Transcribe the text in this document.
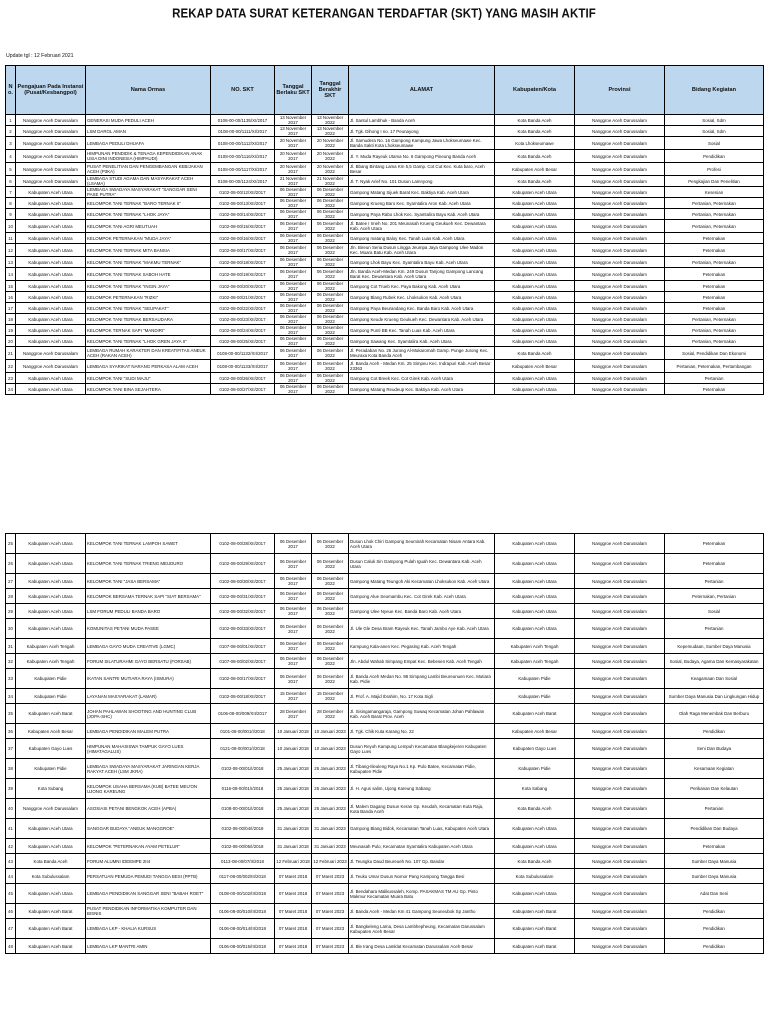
REKAP DATA SURAT KETERANGAN TERDAFTAR (SKT) YANG MASIH AKTIF
Update tgl : 12 Februari 2021
No.	Pengajuan Pada Instansi (Pusat/Kesbangpol)	Nama Ormas	NO. SKT	Tanggal Berlaku SKT	Tanggal Berakhir SKT	ALAMAT	Kabupaten/Kota	Provinsi	Bidang Kegiatan
1	Nanggroe Aceh Darussalam	GENERASI MUDA PEDULI ACEH	0108-00-00/1135/XI/2017	13 November 2017	13 November 2022	Jl. Santul Lambhuk - Banda Aceh	Kota Banda Aceh	Nanggroe Aceh Darussalam	Sosial, Sdm
2	Nanggroe Aceh Darussalam	LSM DAROL AMAN	0108-00-00/1111/XI/2017	13 November 2017	13 November 2022	Jl. Tgk. Dihong I no. 17 Peunayong	Kota Banda Aceh	Nanggroe Aceh Darussalam	Sosial, Sdm
3	Nanggroe Aceh Darussalam	LEMBAGA PEDULI DHUAFA	0108-00-00/1112/XI/2017	20 November 2017	20 November 2022	Jl. Samudera No. 16 Gampong Kampung Jawa Lhokseumawe Kec. Banda Sakti Kota Lhokseumawe	Kota Lhokseumawe	Nanggroe Aceh Darussalam	Sosial
4	Nanggroe Aceh Darussalam	HIMPUNAN PENDIDIK & TENAGA KEPENDIDIKAN ANAK USIA DINI INDONESIA (HIMPAUDI)	0108-00-00/1116/XI/2017	20 November 2017	20 November 2022	Jl. Y. Muda Rayeuk Utama No. 6 Gampong Pineung Banda Aceh	Kota Banda Aceh	Nanggroe Aceh Darussalam	Pendidikan
5	Nanggroe Aceh Darussalam	PUSAT PENELITIAN DAN PENGEMBANGAN KEBIJAKAN ACEH (P3KA)	0108-00-00/1117/XI/2017	20 November 2017	20 November 2022	Jl. Bbang Bintang Lama Km 5,5 Gamp. Cot Cut Kec. Kuta baro, Aceh Besar	Kabupaten Aceh Besar	Nanggroe Aceh Darussalam	Profesi
6	Nanggroe Aceh Darussalam	LEMBAGA STUDI AGAMA DAN MASYARAKAT ACEH (LSAMA)	0108-00-00/1124/XI/2017	21 November 2017	21 November 2022	Jl. T. Nyak Arief No. 101 Dusun Lamnyong	Kota Banda Aceh	Nanggroe Aceh Darussalam	Pengkajian Dan Penelitian
7	Kabupaten Aceh Utara	LEMBAGA SWADAYA MASYARAKAT "SANGGAR SENI PASE PUTRA"	0102-08-00/12/XII/2017	06 Desember 2017	06 Desember 2022	Gampong Matang Sijuek Barat Kec. Baktiya Kab. Aceh Utara	Kabupaten Aceh Utara	Nanggroe Aceh Darussalam	Kesenian
8	Kabupaten Aceh Utara	KELOMPOK TANI TERNAK "BARO TERNAK II"	0102-08-00/13/XII/2017	06 Desember 2017	06 Desember 2022	Gampong Krueng Baro Kec. Syamtalira Aron Kab. Aceh Utara	Kabupaten Aceh Utara	Nanggroe Aceh Darussalam	Pertanian, Peternakan
9	Kabupaten Aceh Utara	KELOMPOK TANI TERNAK "LHOK JAYA"	0102-08-00/14/XII/2017	06 Desember 2017	06 Desember 2022	Gampong Paya Rabo Lhok Kec. Syamtalira Bayu Kab. Aceh Utara	Kabupaten Aceh Utara	Nanggroe Aceh Darussalam	Pertanian, Peternakan
10	Kabupaten Aceh Utara	KELOMPOK TANI AGRI MEUTUAH	0102-08-00/15/XII/2017	06 Desember 2017	06 Desember 2022	Jl. Batee I Imeh No. 201 Meunasah Krueng Geukueh Kec. Dewantara Kab. Aceh Utara	Kabupaten Aceh Utara	Nanggroe Aceh Darussalam	Pertanian, Peternakan
11	Kabupaten Aceh Utara	KELOMPOK PETERNAKAN "MUDA JAYA"	0102-08-00/16/XII/2017	06 Desember 2017	06 Desember 2022	Gampong matang Baloy Kec. Tanah Luas Kab. Aceh Utara	Kabupaten Aceh Utara	Nanggroe Aceh Darussalam	Peternakan
12	Kabupaten Aceh Utara	KELOMPOK TANI TERNAK MITA BANSIA	0102-08-00/17/XII/2017	06 Desember 2017	06 Desember 2022	Jln. Bireun Seria Dusun Lingga Jeumpa Jaya Gampong Ulee Madon Kec. Muara Batu Kab. Aceh Utara	Kabupaten Aceh Utara	Nanggroe Aceh Darussalam	Peternakan
13	Kabupaten Aceh Utara	KELOMPOK TANI TERNAK "MAKMU TERNAK"	0102-08-00/18/XII/2017	06 Desember 2017	06 Desember 2022	Gampong Lhok Bayu Kec. Syamtalira Bayu Kab. Aceh Utara	Kabupaten Aceh Utara	Nanggroe Aceh Darussalam	Pertanian, Peternakan
14	Kabupaten Aceh Utara	KELOMPOK TANI TERNAK SABOH HATE	0102-08-00/19/XII/2017	06 Desember 2017	06 Desember 2022	Jln. Banda Aceh-Medan Km. 249 Dusun Tanjong Gampong Lancang Barat Kec. Dewantara Kab. Aceh Utara	Kabupaten Aceh Utara	Nanggroe Aceh Darussalam	Peternakan
15	Kabupaten Aceh Utara	KELOMPOK TANI TERNAK "INGIN JAYA"	0102-08-00/20/XII/2017	06 Desember 2017	06 Desember 2022	Gampong Cot Trueb Kec. Paya Bakong Kab. Aceh Utara	Kabupaten Aceh Utara	Nanggroe Aceh Darussalam	Peternakan
16	Kabupaten Aceh Utara	KELOMPOK PETERNAKAN "RIZKI"	0102-08-00/21/XII/2017	06 Desember 2017	06 Desember 2022	Gampong Blang Rubek Kec. Lhoksukon Kab. Aceh Utara	Kabupaten Aceh Utara	Nanggroe Aceh Darussalam	Peternakan
17	Kabupaten Aceh Utara	KELOMPOK TANI TERNAK "SEUPAKAT"	0102-08-00/22/XII/2017	06 Desember 2017	06 Desember 2022	Gampong Paya Beurandang Kec. Banda Baro Kab. Aceh Utara	Kabupaten Aceh Utara	Nanggroe Aceh Darussalam	Peternakan
18	Kabupaten Aceh Utara	KELOMPOK TANI TERNAK BERSAUDARA	0102-08-00/23/XII/2017	06 Desember 2017	06 Desember 2022	Gampong Keude Krueng Geukueh Kec. Dewantara Kab. Aceh Utara	Kabupaten Aceh Utara	Nanggroe Aceh Darussalam	Pertanian, Peternakan
19	Kabupaten Aceh Utara	KELOMPOK TERNAK SAPI "MANDIRI"	0102-08-00/24/XII/2017	06 Desember 2017	06 Desember 2022	Gampong Punti BB Kec. Tanah Luas Kab. Aceh Utara	Kabupaten Aceh Utara	Nanggroe Aceh Darussalam	Pertanian, Peternakan
20	Kabupaten Aceh Utara	KELOMPOK TANI TERNAK "LHOK GREN JAYA II"	0102-08-00/25/XII/2017	06 Desember 2017	06 Desember 2022	Gampong Sawang Kec. Syamtalira Kab. Aceh Utara	Kabupaten Aceh Utara	Nanggroe Aceh Darussalam	Pertanian, Peternakan
21	Nanggroe Aceh Darussalam	LEMBAGA RUMAH KARAKTER DAN KREATIFITAS ANEUK ACEH (RAKAN ACEH)	0108-00-00/1132/XII/2017	06 Desember 2017	06 Desember 2022	Jl. Peradaban No. 26 Jurong Al-Mukaromah Gamp. Punge Jurong Kec. Meuraxa Kota Banda Aceh	Kota Banda Aceh	Nanggroe Aceh Darussalam	Sosial, Pendidikan Dan Ekonomi
22	Nanggroe Aceh Darussalam	LEMBAGA SYARIKAT NARANG PERKASA ALAM ACEH	0108-00-00/1133/XII/2017	06 Desember 2017	06 Desember 2022	Jl. Banda Aceh - Medan Km. 25 Simpeu Kec. Indrapuri Kab. Aceh Besar 23363	Kabupaten Aceh Besar	Nanggroe Aceh Darussalam	Pertanian, Peternakan, Pertambangan
23	Kabupaten Aceh Utara	KELOMPOK TANI "SUDI MAJU"	0102-08-00/26/XII/2017	06 Desember 2017	06 Desember 2022	Gampong Cot Breek Kec. Cot Girek Kab. Aceh Utara	Kabupaten Aceh Utara	Nanggroe Aceh Darussalam	Pertanian
24	Kabupaten Aceh Utara	KELOMPOK TANI BINA SEJAHTERA	0102-08-00/27/XII/2017	06 Desember 2017	06 Desember 2022	Gampong Matang Reudeup Kec. Baktiya Kab. Aceh Utara	Kabupaten Aceh Utara	Nanggroe Aceh Darussalam	Peternakan
25	Kabupaten Aceh Utara	KELOMPOK TANI TERNAK LAMPOH SAWET	0102-08-00/28/XII/2017	06 Desember 2017	06 Desember 2022	Dusun Lhok Chiri Gampong Seumirah Kecamatan Nisam Antara Kab. Aceh Utara	Kabupaten Aceh Utara	Nanggroe Aceh Darussalam	Peternakan
26	Kabupaten Aceh Utara	KELOMPOK TANI TERNAK TRIENG MEUDURO	0102-08-00/29/XII/2017	06 Desember 2017	06 Desember 2022	Dusun Caluk Sin Gampong Pulah Iguah Kec. Dewantara Kab. Aceh Utara	Kabupaten Aceh Utara	Nanggroe Aceh Darussalam	Peternakan
27	Kabupaten Aceh Utara	KELOMPOK TANI "JASA BERSAMA"	0102-08-00/30/XII/2017	06 Desember 2017	06 Desember 2022	Gampong Matang Teungoh Aki Kecamatan Lhoksukon Kab. Aceh Utara	Kabupaten Aceh Utara	Nanggroe Aceh Darussalam	Pertanian
28	Kabupaten Aceh Utara	KELOMPOK BERSAMA TERNAK SAPI "SIAT BERSAMA"	0102-08-00/31/XII/2017	06 Desember 2017	06 Desember 2022	Gampong Alue Seumambu Kec. Cot Girek Kab. Aceh Utara	Kabupaten Aceh Utara	Nanggroe Aceh Darussalam	Peternakan, Pertanian
29	Kabupaten Aceh Utara	LSM FORUM PEDULI BANDA BARO	0102-08-00/32/XII/2017	06 Desember 2017	06 Desember 2022	Gampong Ulee Nyeue Kec. Banda Baro Kab. Aceh Utara	Kabupaten Aceh Utara	Nanggroe Aceh Darussalam	Sosial
30	Kabupaten Aceh Utara	KOMUNITAS PETANI MUDA PASEE	0102-08-00/33/XII/2017	06 Desember 2017	06 Desember 2022	Jl. Ule Gle Desa Bram Rayeuk Kec. Tanah Jambo Aye Kab. Aceh Utara	Kabupaten Aceh Utara	Nanggroe Aceh Darussalam	Pertanian
31	Kabupaten Aceh Tengah	LEMBAGA GAYO MUDA CREATIVE (LGMC)	0107-08-00/01/XII/2017	06 Desember 2017	06 Desember 2022	Kampung Kala-anen Kec. Pegasing Kab. Aceh Tengah	Kabupaten Aceh Tengah	Nanggroe Aceh Darussalam	Kepemudaan, Sumber Daya Manusia
32	Kabupaten Aceh Tengah	FORUM SILATURAHMI GAYO BERSATU (FORSAB)	0107-08-00/02/XII/2017	06 Desember 2017	06 Desember 2022	Jln. Abdul Wahab Simpang Empat Kec. Bebesen Kab. Aceh Tengah	Kabupaten Aceh Tengah	Nanggroe Aceh Darussalam	Sosial, Budaya, Agama Dan Kemasyarakatan
33	Kabupaten Pidie	IKATAN SANTRI MUTIARA RAYA (ISMURA)	0102-08-00/17/XII/2017	06 Desember 2017	06 Desember 2022	Jl. Banda Aceh Medan No. 98 Simpang Lambi Beureunuen Kec. Mutiara Kab. Pidie	Kabupaten Pidie	Nanggroe Aceh Darussalam	Keagamaan Dan Sosial
34	Kabupaten Pidie	LAYANAN MASYARAKAT (LAMAR)	0102-08-00/18/XII/2017	15 Desember 2017	15 Desember 2022	Jl. Prof. A. Majid Ibrahim, No. 17 Kota Sigli	Kabupaten Pidie	Nanggroe Aceh Darussalam	Sumber Daya Manusia Dan Lingkungan Hidup
35	Kabupaten Aceh Barat	JOHAN PAHLAWAN SHOOTING AND HUNTING CLUB (JOPA-SHC)	0106-08-00/009/XII/2017	28 Desember 2017	28 Desember 2022	Jl. Sisingamangaraja, Gampong Suwaq Kecamatan Johan Pahlawan Kab. Aceh Barat Prov. Aceh	Kabupaten Aceh Barat	Nanggroe Aceh Darussalam	Olah Raga Menembak Dan Berburu
36	Kabupaten Aceh Besar	LEMBAGA PENDIDIKAN MALEM PUTRA	0101-08-00/001/I/2018	10 Januari 2018	10 Januari 2023	Jl. Tgk. Chik Kuta Karang No. 22	Kabupaten Aceh Besar	Nanggroe Aceh Darussalam	Pendidikan
37	Kabupaten Gayo Lues	HIMPUNAN MAHASISWA TAMPUK GAYO LUES (HIMATAGALUS)	0121-08-00/001/I/2018	10 Januari 2018	10 Januari 2023	Dusun Reyoh Kampung Lempuh Kecamatan Blangkejeren Kabupaten Gayo Lues	Kabupaten Gayo Lues	Nanggroe Aceh Darussalam	Seni Dan Budaya
38	Kabupaten Pidie	LEMBAGA SWADAYA MASYARAKAT JARINGAN KERJA RAKYAT ACEH (LSM JKRA)	0102-08-00/01/I/2018	25 Januari 2018	25 Januari 2023	Jl. Tibang-Ilieuleng Raya No.1 Kp. Pulo Batee, Kecamatan Pidie, Kabupaten Pidie	Kabupaten Pidie	Nanggroe Aceh Darussalam	Kesamaan Kegiatan
39	Kota Subang	KELOMPOK USAHA BERSAMA (KUB) BATEE MEU'ON UJONG KAREUNG	0116-08-00/01/I/2018	25 Januari 2018	25 Januari 2023	Jl. H. Agus salim, Ujong Kareung Sabang	Kota Sabang	Nanggroe Aceh Darussalam	Perikanan Dan Kelautan
40	Nanggroe Aceh Darussalam	ASOSIASI PETANI BENGKOK ACEH (APBA)	0108-00-00/01/I/2018	25 Januari 2018	25 Januari 2023	Jl. Malem Dagang Dusun Keran Gp. Keudah, Kecamatan Kuta Raja, Kota Banda Aceh	Kota Banda Aceh	Nanggroe Aceh Darussalam	Pertanian
41	Kabupaten Aceh Utara	SANGGAR BUDAYA "ANEUK MANGGROE"	0102-08-00/04/I/2018	31 Januari 2018	31 Januari 2023	Gampong Blang Bidok, Kecamatan Tanah Luas, Kabupaten Aceh Utara	Kabupaten Aceh Utara	Nanggroe Aceh Darussalam	Pendidikan Dan Budaya
42	Kabupaten Aceh Utara	KELOMPOK "PETERNAKAN AYAM PETELUR"	0102-08-00/05/I/2018	31 Januari 2018	31 Januari 2023	Meunasah Pulo, Kecamatan Syamtalira Kabupaten Aceh Utara	Kabupaten Aceh Utara	Nanggroe Aceh Darussalam	Peternakan
43	Kota Banda Aceh	FORUM ALUMNI IDEEMPE 2II4	0113-08-00/07/II/2018	12 Februari 2018	12 Februari 2023	Jl. Teungku Daud Beureueh No. 107 Gp. Bandar	Kota Banda Aceh	Nanggroe Aceh Darussalam	Sumber Daya Manusia
44	Kota Subulussalam	PERSATUAN PEMUDA PEMUDI TANGGA BESI (PPTB)	0117-08-00/002/III/2018	07 Maret 2018	07 Maret 2023	Jl. Teuku Umar Dusun Nomor Pang Kampong Tangga Besi	Kota Subulussalam	Nanggroe Aceh Darussalam	Sumber Daya Manusia
45	Kabupaten Aceh Utara	LEMBAGA PENDIDIKAN SANGGAR SENI "BABAH ROET"	0108-00-00/102/III/2018	07 Maret 2018	07 Maret 2023	Jl. Bendahara Malikussaleh, Komp. PASAKMAS TM AU Gp. Pinto Makmur Kecamatan Muara Batu	Kabupaten Aceh Utara	Nanggroe Aceh Darussalam	Adat Dan Seni
46	Kabupaten Aceh Barat	PUSAT PENDIDIKAN INFORMATIKA KOMPUTER DAN BISNIS	0106-08-00/010/III/2018	07 Maret 2018	07 Maret 2023	Jl. Banda Aceh - Medan Km 41 Gampong Seuneubok Sp Jantho	Kabupaten Aceh Barat	Nanggroe Aceh Darussalam	Pendidikan
47	Kabupaten Aceh Barat	LEMBAGA LKP - KHALIA KURSUS	0106-08-00/014/III/2018	07 Maret 2018	07 Maret 2023	Jl. Bangkeleng Lama, Desa Lambhepheung, Kecamatan Darussalam Kabupaten Aceh Besar	Kabupaten Aceh Barat	Nanggroe Aceh Darussalam	Pendidikan
48	Kabupaten Aceh Barat	LEMBAGA LKP MANTRI AMIN	0106-08-00/015/III/2018	07 Maret 2018	07 Maret 2023	Jl. Ble Irang Desa Lamklat Kecamatan Darussalam Aceh Besar	Kabupaten Aceh Barat	Nanggroe Aceh Darussalam	Pendidikan
